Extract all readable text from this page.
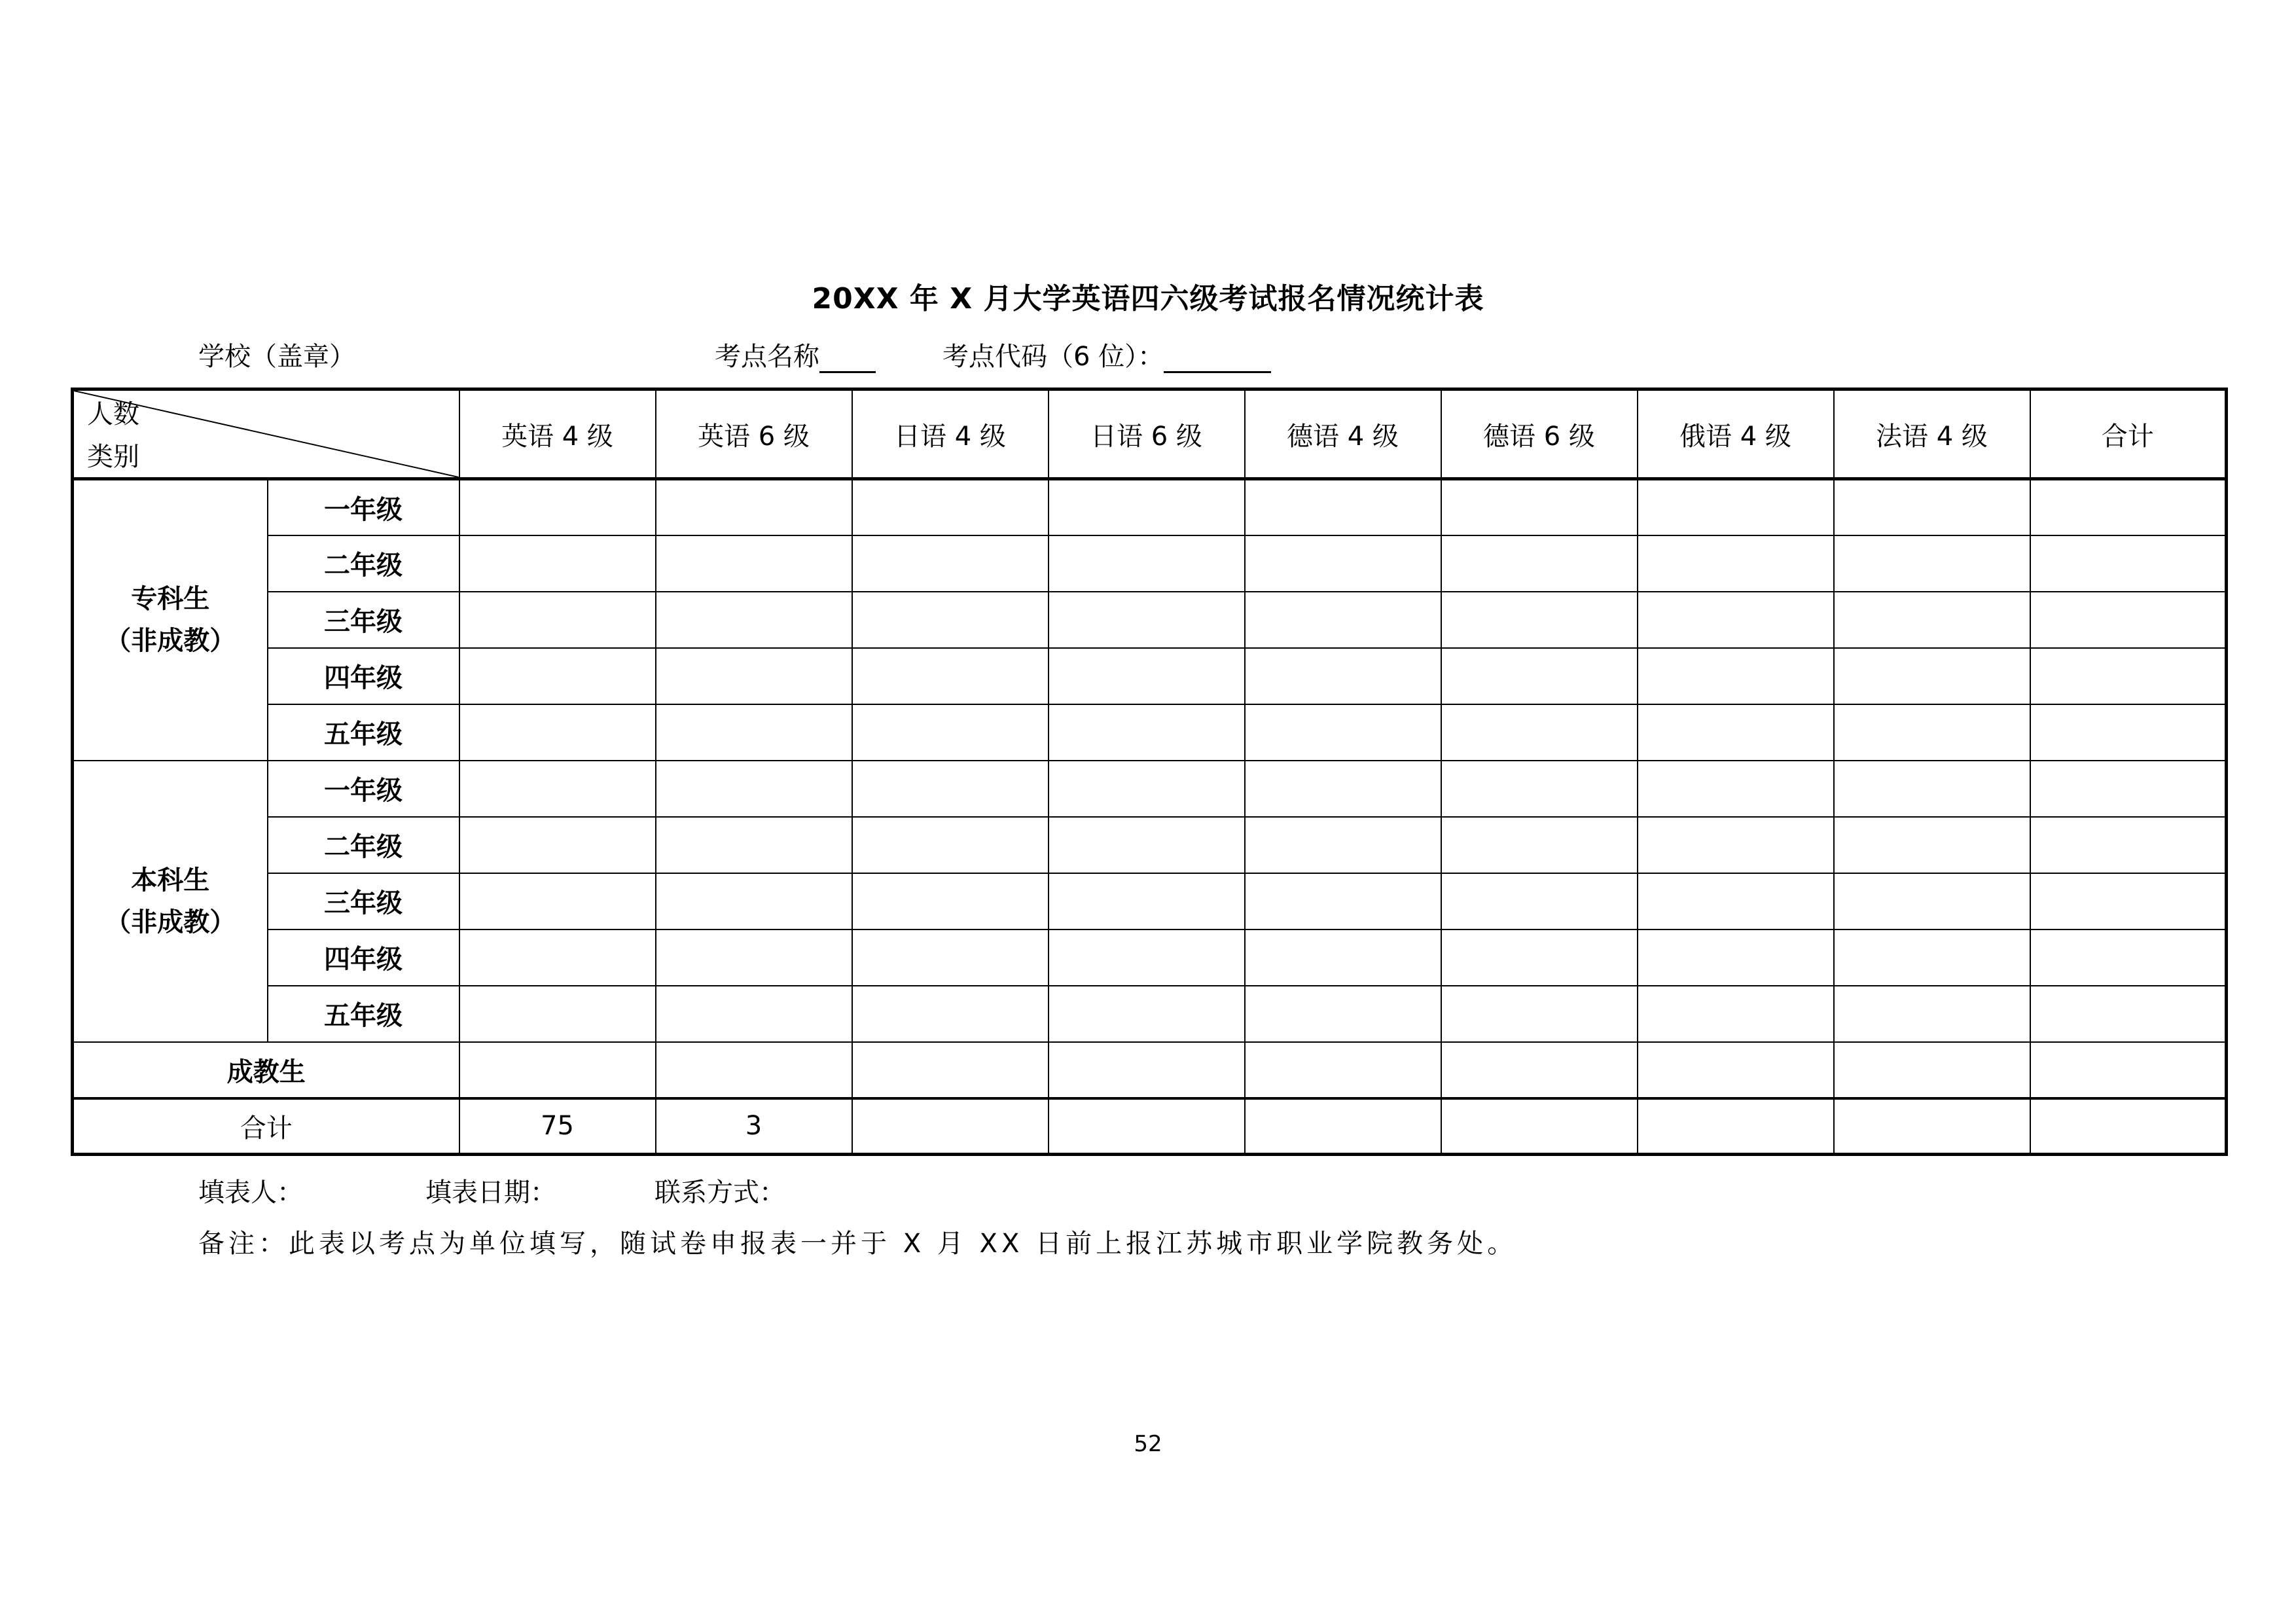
20XX 年 X 月大学英语四六级考试报名情况统计表
学校（盖章）	考点名称	考点代码（6 位）：
人数
类别		英语 4 级	英语 6 级	日语 4 级	日语 6 级	德语 4 级	德语 6 级	俄语 4 级	法语 4 级	合计

专科生
（非成教）	一年级									
	二年级									
	三年级									
	四年级									
	五年级									

本科生
（非成教）	一年级									
	二年级									
	三年级									
	四年级									
	五年级									
成教生										
合计		75	3							
填表人：	填表日期：	联系方式：
备注：此表以考点为单位填写，随试卷申报表一并于 X 月 XX 日前上报江苏城市职业学院教务处。
52
